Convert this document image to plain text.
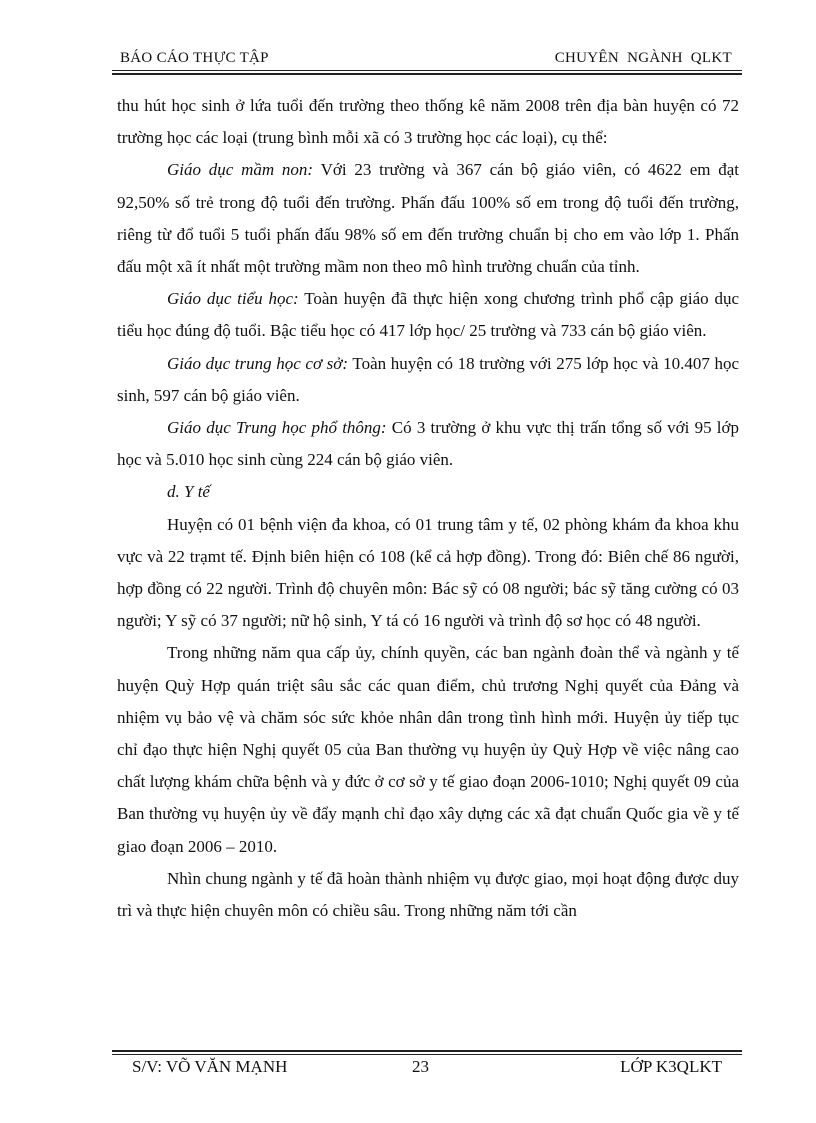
BÁO CÁO THỰC TẬP	CHUYÊN NGÀNH QLKT

thu hút học sinh ở lứa tuổi đến trường theo thống kê năm 2008 trên địa bàn huyện có 72 trường học các loại (trung bình mỗi xã có 3 trường học các loại), cụ thể:

Giáo dục mầm non: Với 23 trường và 367 cán bộ giáo viên, có 4622 em đạt 92,50% số trẻ trong độ tuổi đến trường. Phấn đấu 100% số em trong độ tuổi đến trường, riêng từ đổ tuổi 5 tuổi phấn đấu 98% số em đến trường chuẩn bị cho em vào lớp 1. Phấn đấu một xã ít nhất một trường mầm non theo mô hình trường chuẩn của tỉnh.

Giáo dục tiểu học: Toàn huyện đã thực hiện xong chương trình phổ cập giáo dục tiểu học đúng độ tuổi. Bậc tiểu học có 417 lớp học/ 25 trường và 733 cán bộ giáo viên.

Giáo dục trung học cơ sở: Toàn huyện có 18 trường với 275 lớp học và 10.407 học sinh, 597 cán bộ giáo viên.

Giáo dục Trung học phổ thông: Có 3 trường ở khu vực thị trấn tổng số với 95 lớp học và 5.010 học sinh cùng 224 cán bộ giáo viên.

d. Y tế

Huyện có 01 bệnh viện đa khoa, có 01 trung tâm y tế, 02 phòng khám đa khoa khu vực và 22 trạmt tế. Định biên hiện có 108 (kể cả hợp đồng). Trong đó: Biên chế 86 người, hợp đồng có 22 người. Trình độ chuyên môn: Bác sỹ có 08 người; bác sỹ tăng cường có 03 người; Y sỹ có 37 người; nữ hộ sinh, Y tá có 16 người và trình độ sơ học có 48 người.

Trong những năm qua cấp ủy, chính quyền, các ban ngành đoàn thể và ngành y tế huyện Quỳ Hợp quán triệt sâu sắc các quan điểm, chủ trương Nghị quyết của Đảng và nhiệm vụ bảo vệ và chăm sóc sức khỏe nhân dân trong tình hình mới. Huyện ủy tiếp tục chỉ đạo thực hiện Nghị quyết 05 của Ban thường vụ huyện ủy Quỳ Hợp về việc nâng cao chất lượng khám chữa bệnh và y đức ở cơ sở y tế giao đoạn 2006-1010; Nghị quyết 09 của Ban thường vụ huyện ủy về đẩy mạnh chỉ đạo xây dựng các xã đạt chuẩn Quốc gia về y tế giao đoạn 2006 – 2010.

Nhìn chung ngành y tế đã hoàn thành nhiệm vụ được giao, mọi hoạt động được duy trì và thực hiện chuyên môn có chiều sâu. Trong những năm tới cần

S/V: VÕ VĂN MẠNH	23	LỚP K3QLKT
